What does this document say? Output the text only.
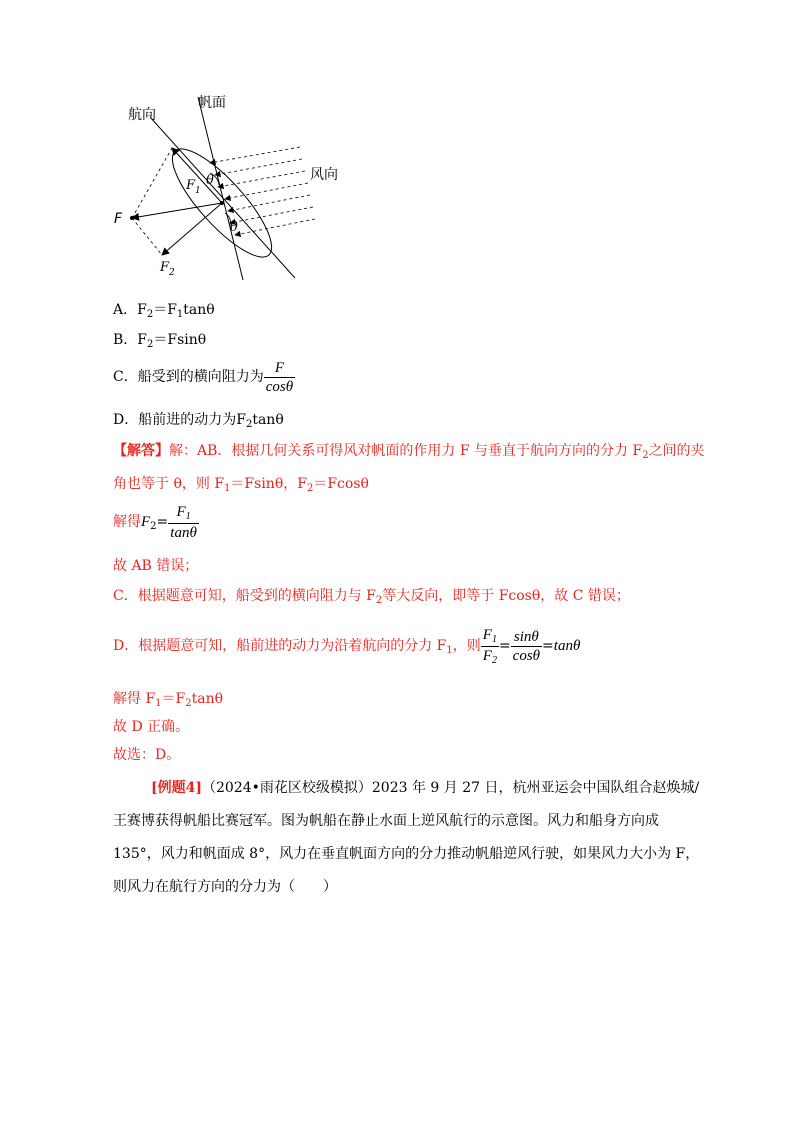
航向
帆面
风向
F
$F_1$
$F_2$
θ
θ
A．$F_2=F_1\tan\theta$
B．$F_2=Fsin\theta$
C．船受到的横向阻力为 $\frac{F}{\cos\theta}$
D．船前进的动力为$F_2\tan\theta$
【解答】解：AB．根据几何关系可得风对帆面的作用力 F 与垂直于航向方向的分力 $F_2$之间的夹
角也等于 θ，则 $F_1=Fsin\theta$，$F_2=Fcos\theta$
解得$F_2= \frac{F_1}{\tan\theta}$
故 AB 错误；
C．根据题意可知，船受到的横向阻力与 $F_2$等大反向，即等于 Fcosθ，故 C 错误；
D．根据题意可知，船前进的动力为沿着航向的分力 $F_1$，则 $\frac{F_1}{F_2} = \frac{\sin\theta}{\cos\theta} =\tan\theta$
解得 $F_1=F_2\tan\theta$
故 D 正确。
故选：D。
[例题4]（2024•雨花区校级模拟）2023 年 9 月 27 日，杭州亚运会中国队组合赵焕城/王赛博获得帆船比赛冠军。图为帆船在静止水面上逆风航行的示意图。风力和船身方向成 135°，风力和帆面成 8°，风力在垂直帆面方向的分力推动帆船逆风行驶，如果风力大小为 F，则风力在航行方向的分力为（　　）
